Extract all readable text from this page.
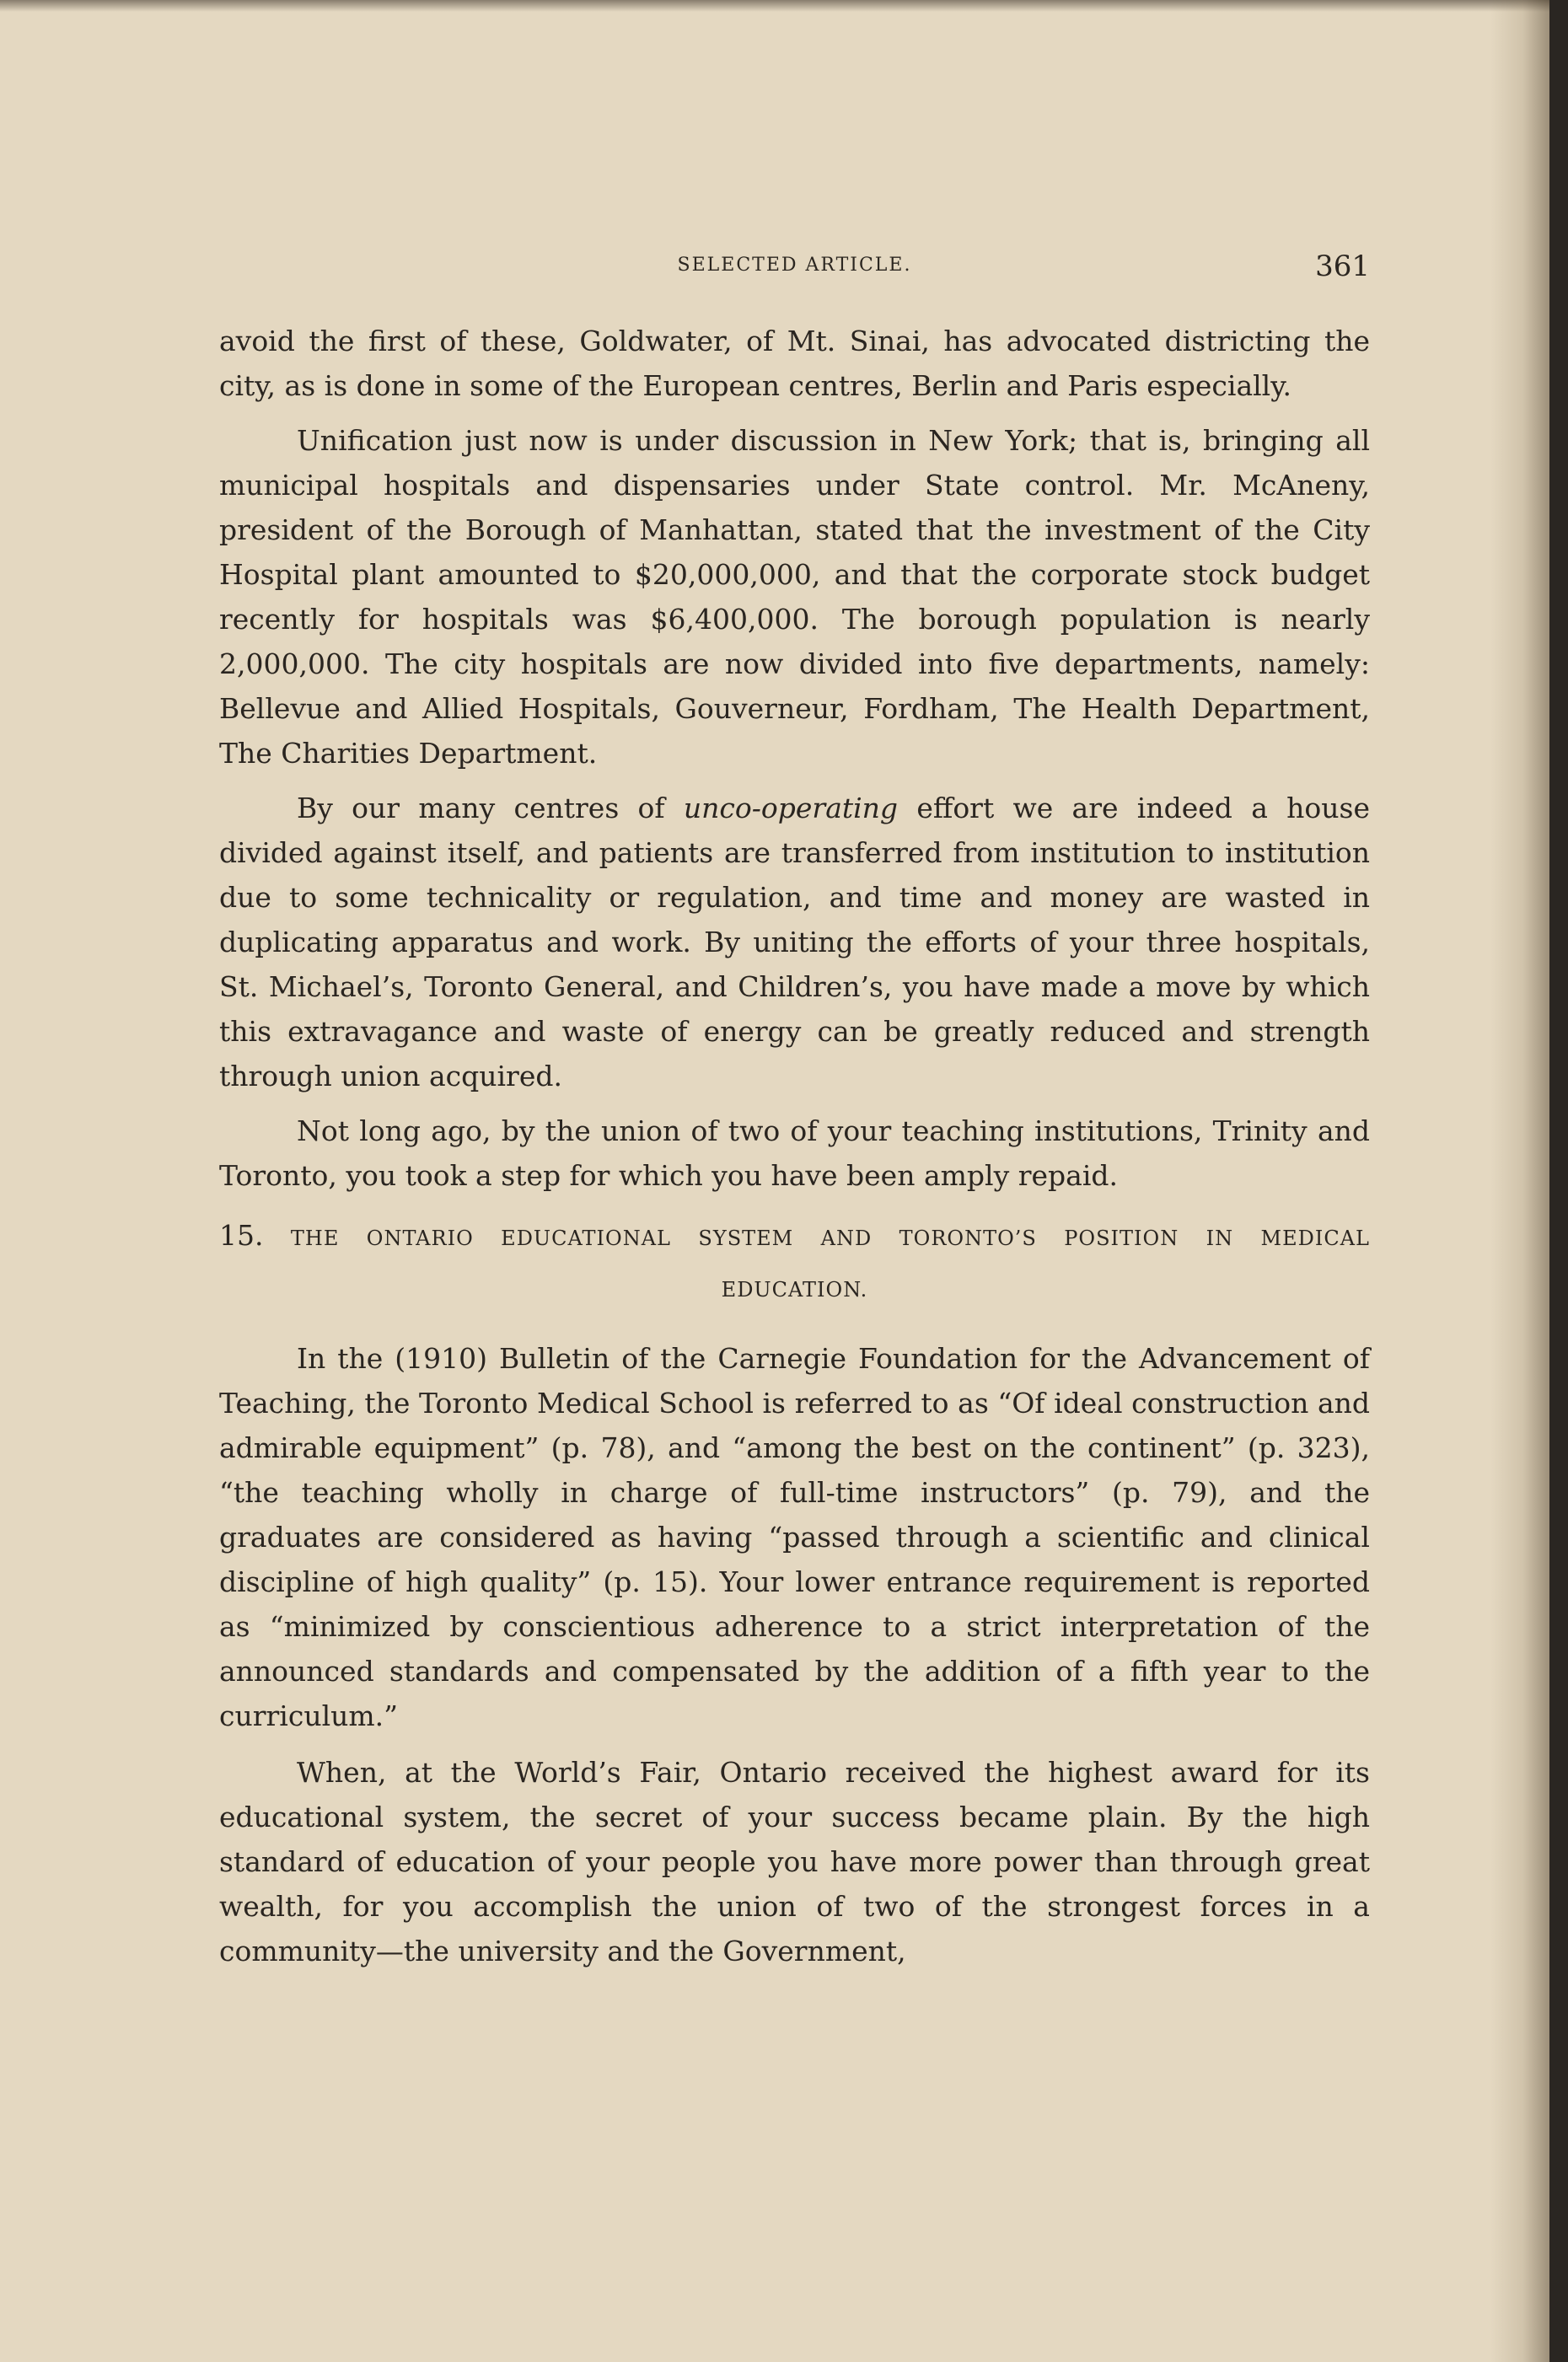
SELECTED ARTICLE.	361

avoid the first of these, Goldwater, of Mt. Sinai, has advocated districting the city, as is done in some of the European centres, Berlin and Paris especially.

Unification just now is under discussion in New York; that is, bringing all municipal hospitals and dispensaries under State control. Mr. McAneny, president of the Borough of Manhattan, stated that the investment of the City Hospital plant amounted to $20,000,000, and that the corporate stock budget recently for hospitals was $6,400,000. The borough population is nearly 2,000,000. The city hospitals are now divided into five departments, namely: Bellevue and Allied Hospitals, Gouverneur, Fordham, The Health Department, The Charities Department.

By our many centres of unco-operating effort we are indeed a house divided against itself, and patients are transferred from institution to institution due to some technicality or regulation, and time and money are wasted in duplicating apparatus and work. By uniting the efforts of your three hospitals, St. Michael’s, Toronto General, and Children’s, you have made a move by which this extravagance and waste of energy can be greatly reduced and strength through union acquired.

Not long ago, by the union of two of your teaching institutions, Trinity and Toronto, you took a step for which you have been amply repaid.

15. THE ONTARIO EDUCATIONAL SYSTEM AND TORONTO’S POSITION IN MEDICAL
EDUCATION.

In the (1910) Bulletin of the Carnegie Foundation for the Advancement of Teaching, the Toronto Medical School is referred to as “Of ideal construction and admirable equipment” (p. 78), and “among the best on the continent” (p. 323), “the teaching wholly in charge of full-time instructors” (p. 79), and the graduates are considered as having “passed through a scientific and clinical discipline of high quality” (p. 15). Your lower entrance requirement is reported as “minimized by conscientious adherence to a strict interpretation of the announced standards and compensated by the addition of a fifth year to the curriculum.”

When, at the World’s Fair, Ontario received the highest award for its educational system, the secret of your success became plain. By the high standard of education of your people you have more power than through great wealth, for you accomplish the union of two of the strongest forces in a community—the university and the Government,
